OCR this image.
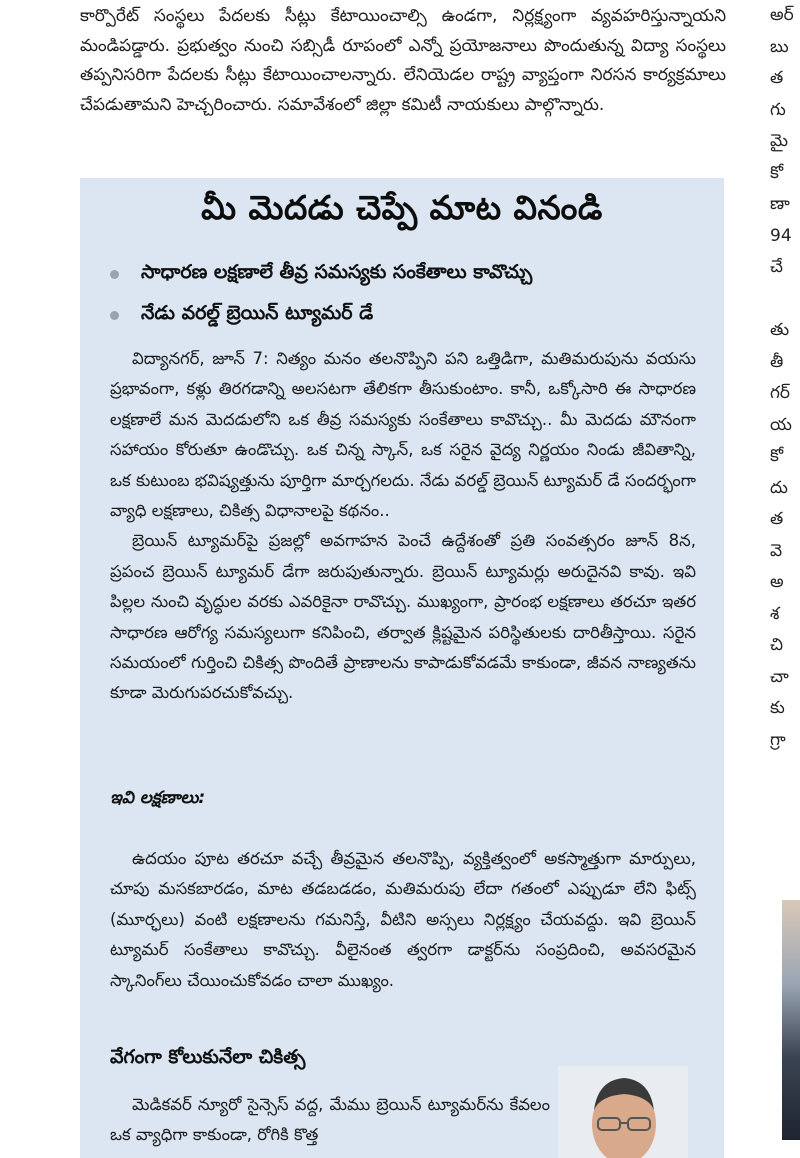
కార్పొరేట్ సంస్థలు పేదలకు సీట్లు కేటాయించాల్సి ఉండగా, నిర్లక్ష్యంగా వ్యవహరిస్తున్నాయని మండిపడ్డారు. ప్రభుత్వం నుంచి సబ్సిడీ రూపంలో ఎన్నో ప్రయోజనాలు పొందుతున్న విద్యా సంస్థలు తప్పనిసరిగా పేదలకు సీట్లు కేటాయించాలన్నారు. లేనియెడల రాష్ట్ర వ్యాప్తంగా నిరసన కార్యక్రమాలు చేపడుతామని హెచ్చరించారు. సమావేశంలో జిల్లా కమిటీ నాయకులు పాల్గొన్నారు.

మీ మెదడు చెప్పే మాట వినండి
సాధారణ లక్షణాలే తీవ్ర సమస్యకు సంకేతాలు కావొచ్చు
నేడు వరల్డ్ బ్రెయిన్ ట్యూమర్ డే

విద్యానగర్, జూన్ 7: నిత్యం మనం తలనొప్పిని పని ఒత్తిడిగా, మతిమరుపును వయసు ప్రభావంగా, కళ్లు తిరగడాన్ని అలసటగా తేలికగా తీసుకుంటాం. కానీ, ఒక్కోసారి ఈ సాధారణ లక్షణాలే మన మెదడులోని ఒక తీవ్ర సమస్యకు సంకేతాలు కావొచ్చు.. మీ మెదడు మౌనంగా సహాయం కోరుతూ ఉండొచ్చు. ఒక చిన్న స్కాన్, ఒక సరైన వైద్య నిర్ణయం నిండు జీవితాన్ని, ఒక కుటుంబ భవిష్యత్తును పూర్తిగా మార్చగలదు. నేడు వరల్డ్ బ్రెయిన్ ట్యూమర్ డే సందర్భంగా వ్యాధి లక్షణాలు, చికిత్స విధానాలపై కథనం..

బ్రెయిన్ ట్యూమర్‌పై ప్రజల్లో అవగాహన పెంచే ఉద్దేశంతో ప్రతి సంవత్సరం జూన్ 8న, ప్రపంచ బ్రెయిన్ ట్యూమర్ డేగా జరుపుతున్నారు. బ్రెయిన్ ట్యూమర్లు అరుదైనవి కావు. ఇవి పిల్లల నుంచి వృద్ధుల వరకు ఎవరికైనా రావొచ్చు. ముఖ్యంగా, ప్రారంభ లక్షణాలు తరచూ ఇతర సాధారణ ఆరోగ్య సమస్యలుగా కనిపించి, తర్వాత క్లిష్టమైన పరిస్థితులకు దారితీస్తాయి. సరైన సమయంలో గుర్తించి చికిత్స పొందితే ప్రాణాలను కాపాడుకోవడమే కాకుండా, జీవన నాణ్యతను కూడా మెరుగుపరచుకోవచ్చు.

ఇవి లక్షణాలు:

ఉదయం పూట తరచూ వచ్చే తీవ్రమైన తలనొప్పి, వ్యక్తిత్వంలో అకస్మాత్తుగా మార్పులు, చూపు మసకబారడం, మాట తడబడడం, మతిమరుపు లేదా గతంలో ఎప్పుడూ లేని ఫిట్స్ (మూర్ఛలు) వంటి లక్షణాలను గమనిస్తే, వీటిని అస్సలు నిర్లక్ష్యం చేయవద్దు. ఇవి బ్రెయిన్ ట్యూమర్ సంకేతాలు కావొచ్చు. వీలైనంత త్వరగా డాక్టర్‌ను సంప్రదించి, అవసరమైన స్కానింగ్‌లు చేయించుకోవడం చాలా ముఖ్యం.

వేగంగా కోలుకునేలా చికిత్స

మెడికవర్ న్యూరో సైన్సెస్ వద్ద, మేము బ్రెయిన్ ట్యూమర్‌ను కేవలం ఒక వ్యాధిగా కాకుండా, రోగికి కొత్త

అర్
బు
త
గు
మై
కో
ణా
94
చే
తు
తీ
గర్
య
కో
దు
త
వె
అ
శ
చి
చా
కు
గ్రా
